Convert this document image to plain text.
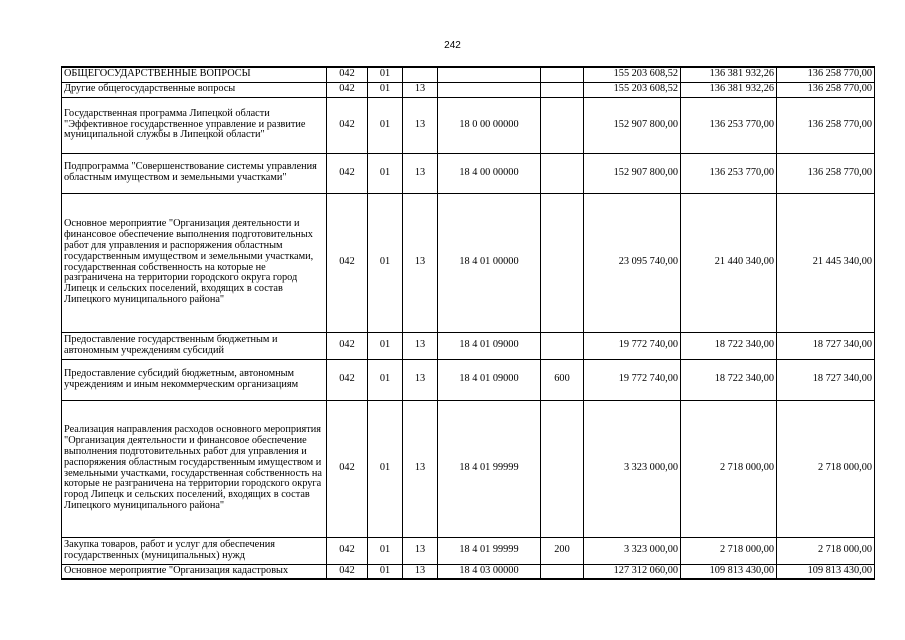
242
ОБЩЕГОСУДАРСТВЕННЫЕ ВОПРОСЫ	042	01				155 203 608,52	136 381 932,26	136 258 770,00
Другие общегосударственные вопросы	042	01	13			155 203 608,52	136 381 932,26	136 258 770,00
Государственная программа Липецкой области "Эффективное государственное управление и развитие муниципальной службы в Липецкой области"	042	01	13	18 0 00 00000		152 907 800,00	136 253 770,00	136 258 770,00
Подпрограмма "Совершенствование системы управления областным имуществом и земельными участками"	042	01	13	18 4 00 00000		152 907 800,00	136 253 770,00	136 258 770,00
Основное мероприятие "Организация деятельности и финансовое обеспечение выполнения подготовительных работ для управления и распоряжения областным государственным имуществом и земельными участками, государственная собственность на которые не разграничена на территории городского округа город Липецк и сельских поселений, входящих в состав Липецкого муниципального района"	042	01	13	18 4 01 00000		23 095 740,00	21 440 340,00	21 445 340,00
Предоставление государственным бюджетным и автономным учреждениям субсидий	042	01	13	18 4 01 09000		19 772 740,00	18 722 340,00	18 727 340,00
Предоставление субсидий бюджетным, автономным учреждениям и иным некоммерческим организациям	042	01	13	18 4 01 09000	600	19 772 740,00	18 722 340,00	18 727 340,00
Реализация направления расходов основного мероприятия "Организация деятельности и финансовое обеспечение выполнения подготовительных работ для управления и распоряжения областным государственным имуществом и земельными участками, государственная собственность на которые не разграничена на территории городского округа город Липецк и сельских поселений, входящих в состав Липецкого муниципального района"	042	01	13	18 4 01 99999		3 323 000,00	2 718 000,00	2 718 000,00
Закупка товаров, работ и услуг для обеспечения государственных (муниципальных) нужд	042	01	13	18 4 01 99999	200	3 323 000,00	2 718 000,00	2 718 000,00
Основное мероприятие "Организация кадастровых	042	01	13	18 4 03 00000		127 312 060,00	109 813 430,00	109 813 430,00
